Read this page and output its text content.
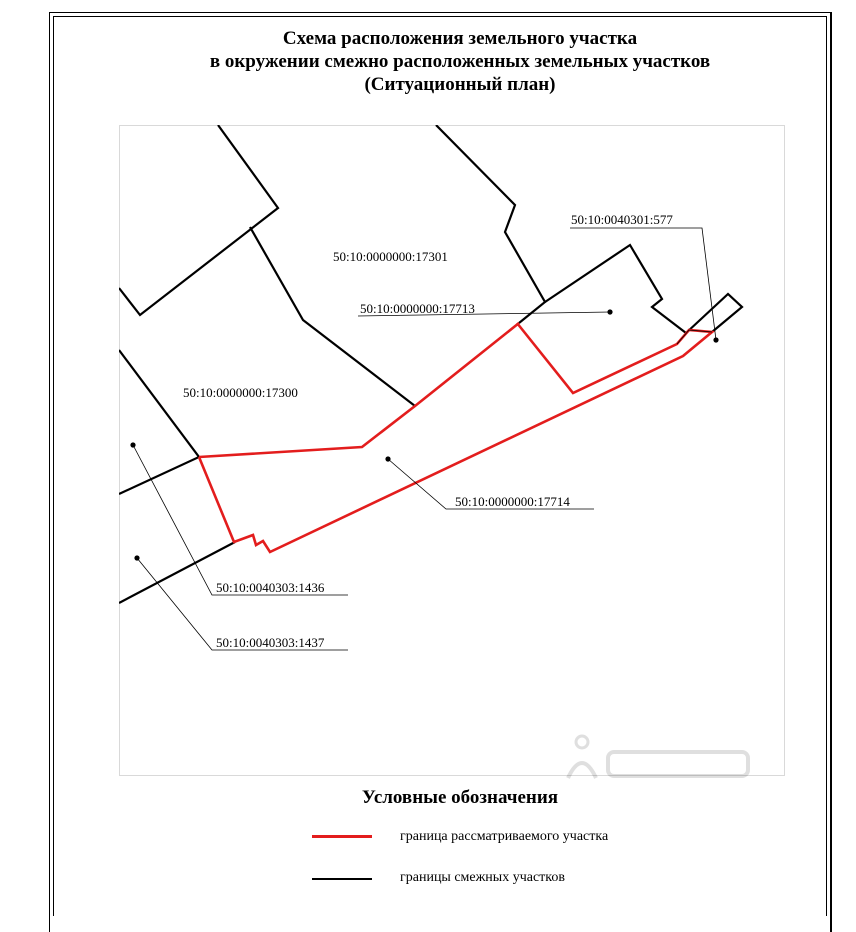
Схема расположения земельного участка
в окружении смежно расположенных земельных участков
(Ситуационный план)
50:10:0000000:17301
50:10:0040301:577
50:10:0000000:17713
50:10:0000000:17300
50:10:0000000:17714
50:10:0040303:1436
50:10:0040303:1437
Условные обозначения
граница рассматриваемого участка
границы смежных участков
